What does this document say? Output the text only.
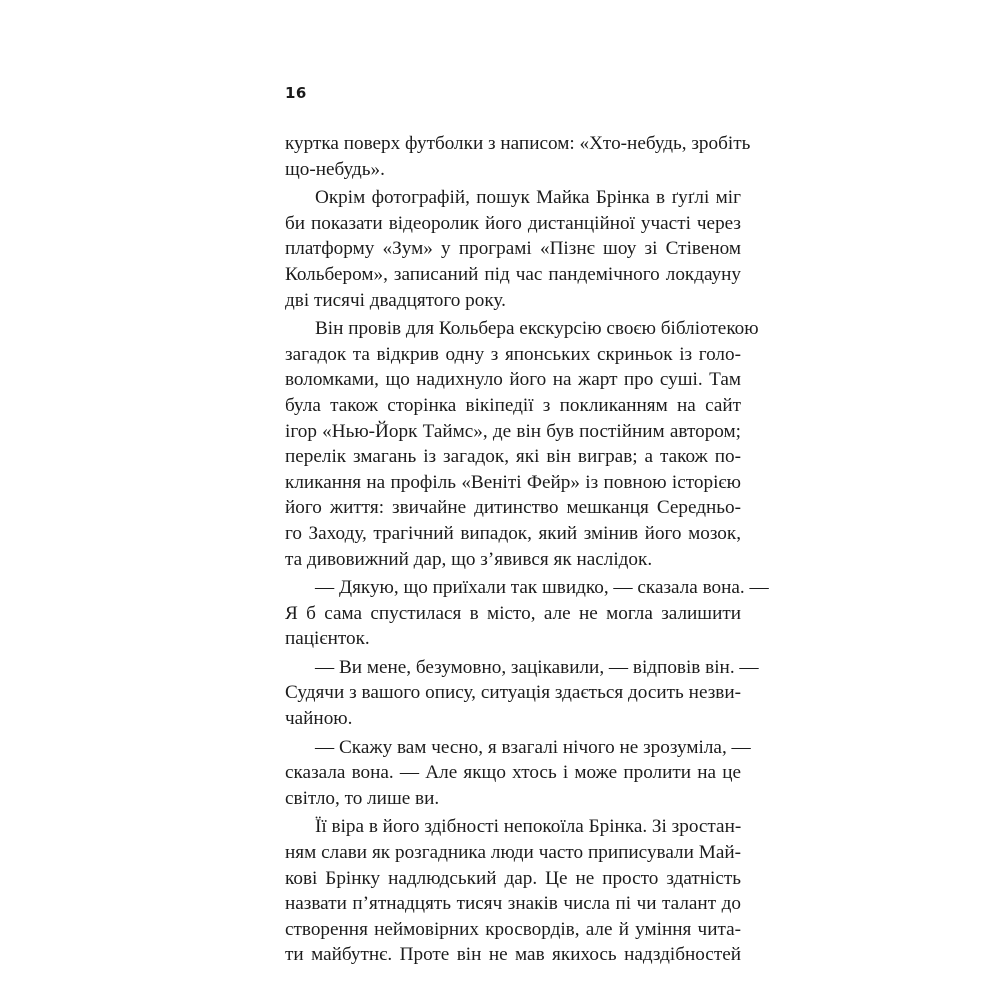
16
куртка поверх футболки з написом: «Хто-небудь, зробіть
що-небудь».
Окрім фотографій, пошук Майка Брінка в ґуґлі міг
би показати відеоролик його дистанційної участі через
платформу «Зум» у програмі «Пізнє шоу зі Стівеном
Кольбером», записаний під час пандемічного локдауну
дві тисячі двадцятого року.
Він провів для Кольбера екскурсію своєю бібліотекою
загадок та відкрив одну з японських скриньок із голо-
воломками, що надихнуло його на жарт про суші. Там
була також сторінка вікіпедії з покликанням на сайт
ігор «Нью-Йорк Таймс», де він був постійним автором;
перелік змагань із загадок, які він виграв; а також по-
кликання на профіль «Веніті Фейр» із повною історією
його життя: звичайне дитинство мешканця Середньо-
го Заходу, трагічний випадок, який змінив його мозок,
та дивовижний дар, що з’явився як наслідок.
— Дякую, що приїхали так швидко, — сказала вона. —
Я б сама спустилася в місто, але не могла залишити
пацієнток.
— Ви мене, безумовно, зацікавили, — відповів він. —
Судячи з вашого опису, ситуація здається досить незви-
чайною.
— Скажу вам чесно, я взагалі нічого не зрозуміла, —
сказала вона. — Але якщо хтось і може пролити на це
світло, то лише ви.
Її віра в його здібності непокоїла Брінка. Зі зростан-
ням слави як розгадника люди часто приписували Май-
кові Брінку надлюдський дар. Це не просто здатність
назвати п’ятнадцять тисяч знаків числа пі чи талант до
створення неймовірних кросвордів, але й уміння чита-
ти майбутнє. Проте він не мав якихось надздібностей
